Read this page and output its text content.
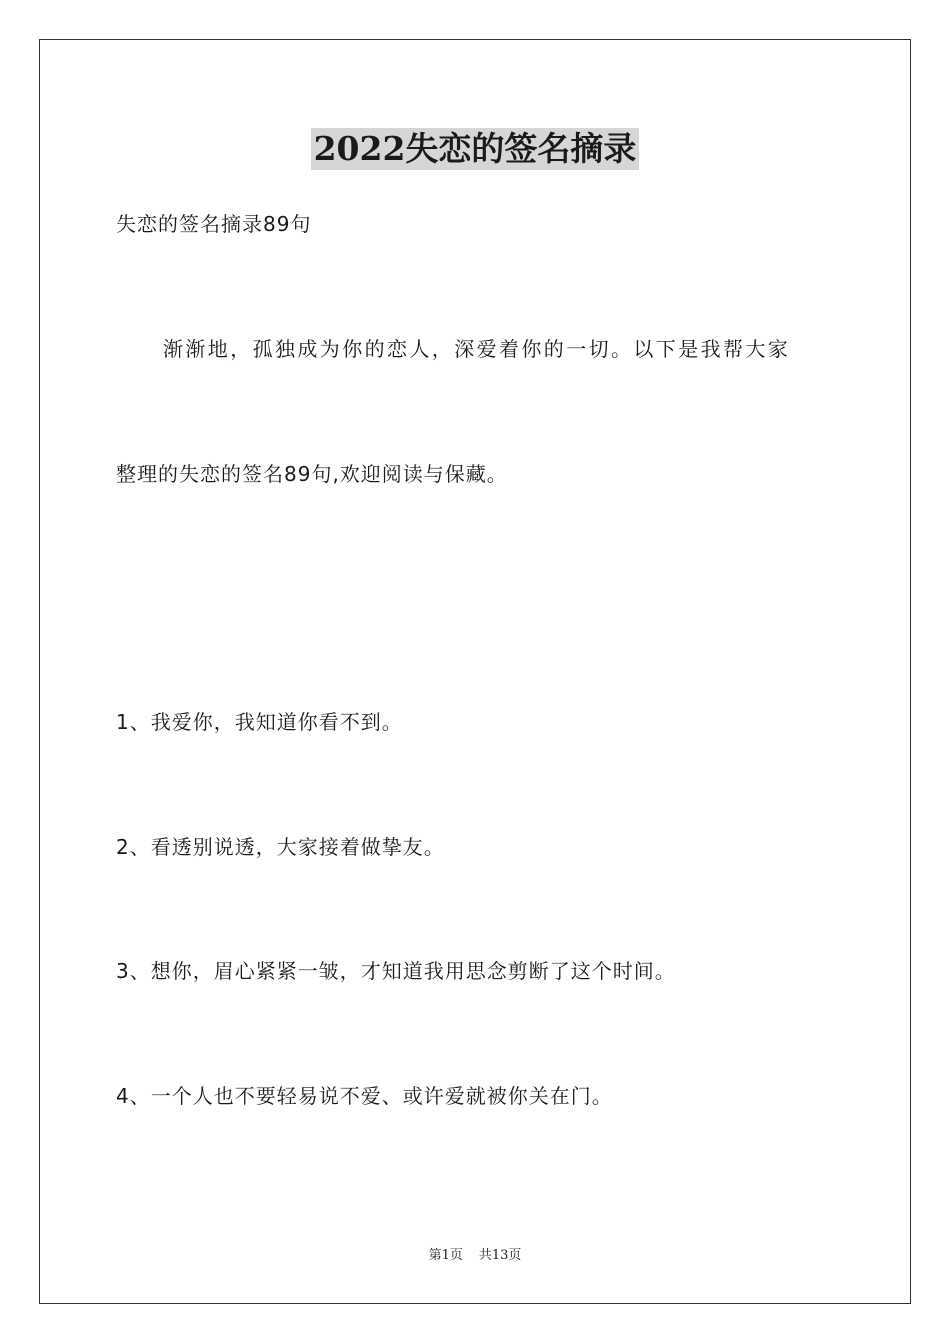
2022失恋的签名摘录
失恋的签名摘录89句
渐渐地，孤独成为你的恋人，深爱着你的一切。以下是我帮大家
整理的失恋的签名89句,欢迎阅读与保藏。
1、我爱你，我知道你看不到。
2、看透别说透，大家接着做挚友。
3、想你，眉心紧紧一皱，才知道我用思念剪断了这个时间。
4、一个人也不要轻易说不爱、或许爱就被你关在门。
第1页 共13页
